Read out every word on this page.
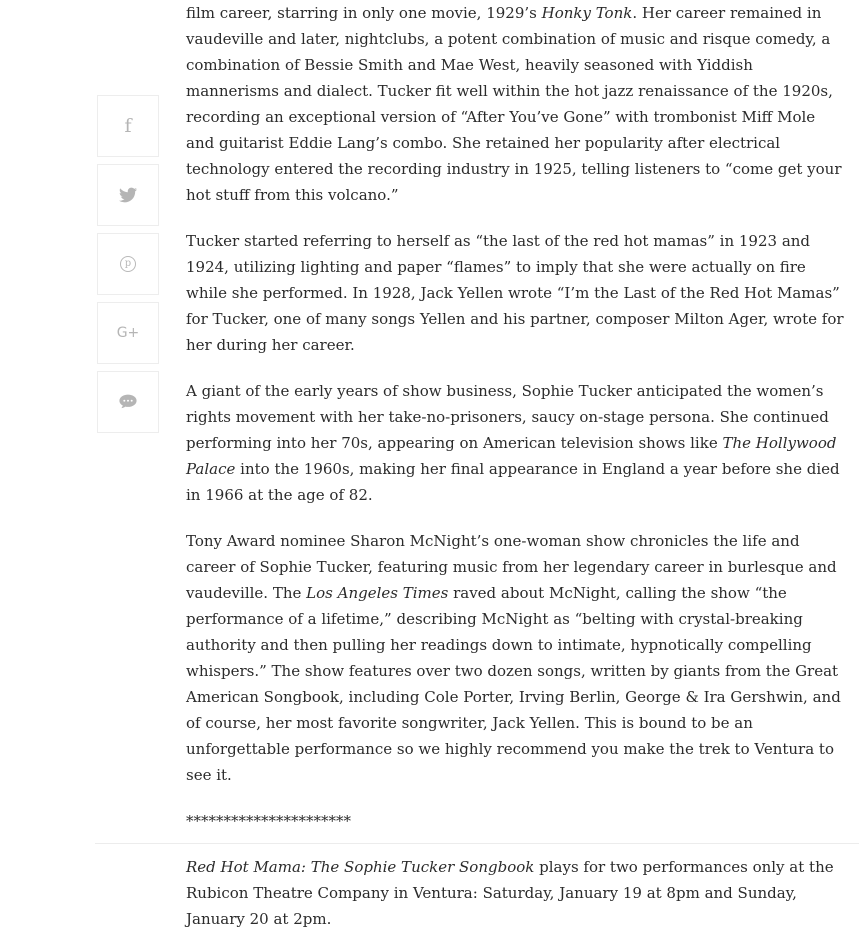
f
p
G+

film career, starring in only one movie, 1929’s Honky Tonk. Her career remained in vaudeville and later, nightclubs, a potent combination of music and risque comedy, a combination of Bessie Smith and Mae West, heavily seasoned with Yiddish mannerisms and dialect. Tucker fit well within the hot jazz renaissance of the 1920s, recording an exceptional version of “After You’ve Gone” with trombonist Miff Mole and guitarist Eddie Lang’s combo. She retained her popularity after electrical technology entered the recording industry in 1925, telling listeners to “come get your hot stuff from this volcano.”

Tucker started referring to herself as “the last of the red hot mamas” in 1923 and 1924, utilizing lighting and paper “flames” to imply that she were actually on fire while she performed. In 1928, Jack Yellen wrote “I’m the Last of the Red Hot Mamas” for Tucker, one of many songs Yellen and his partner, composer Milton Ager, wrote for her during her career.

A giant of the early years of show business, Sophie Tucker anticipated the women’s rights movement with her take-no-prisoners, saucy on-stage persona. She continued performing into her 70s, appearing on American television shows like The Hollywood Palace into the 1960s, making her final appearance in England a year before she died in 1966 at the age of 82.

Tony Award nominee Sharon McNight’s one-woman show chronicles the life and career of Sophie Tucker, featuring music from her legendary career in burlesque and vaudeville. The Los Angeles Times raved about McNight, calling the show “the performance of a lifetime,” describing McNight as “belting with crystal-breaking authority and then pulling her readings down to intimate, hypnotically compelling whispers.” The show features over two dozen songs, written by giants from the Great American Songbook, including Cole Porter, Irving Berlin, George & Ira Gershwin, and of course, her most favorite songwriter, Jack Yellen. This is bound to be an unforgettable performance so we highly recommend you make the trek to Ventura to see it.

**********************

Red Hot Mama: The Sophie Tucker Songbook plays for two performances only at the Rubicon Theatre Company in Ventura: Saturday, January 19 at 8pm and Sunday, January 20 at 2pm.
